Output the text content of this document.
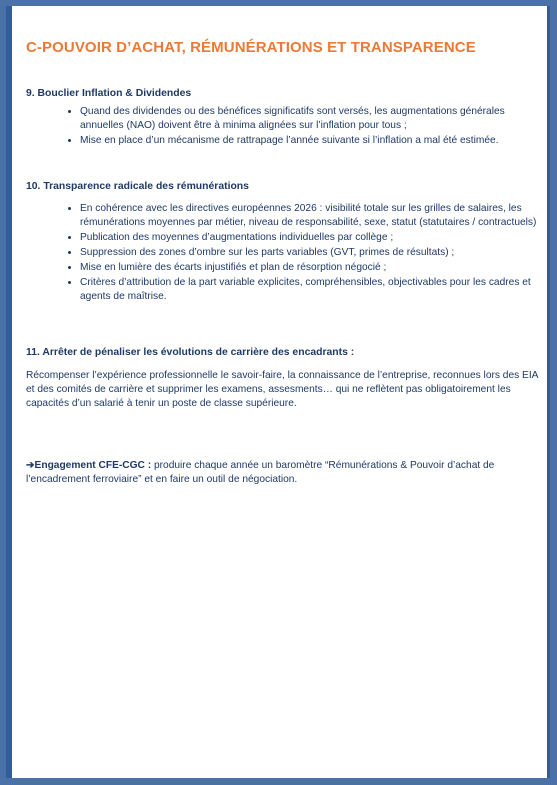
C-POUVOIR D’ACHAT, RÉMUNÉRATIONS ET TRANSPARENCE
9. Bouclier Inflation & Dividendes
• Quand des dividendes ou des bénéfices significatifs sont versés, les augmentations générales annuelles (NAO) doivent être à minima alignées sur l’inflation pour tous ;
• Mise en place d’un mécanisme de rattrapage l’année suivante si l’inflation a mal été estimée.
10. Transparence radicale des rémunérations
• En cohérence avec les directives européennes 2026 : visibilité totale sur les grilles de salaires, les rémunérations moyennes par métier, niveau de responsabilité, sexe, statut (statutaires / contractuels)
• Publication des moyennes d’augmentations individuelles par collège ;
• Suppression des zones d’ombre sur les parts variables (GVT, primes de résultats) ;
• Mise en lumière des écarts injustifiés et plan de résorption négocié ;
• Critères d’attribution de la part variable explicites, compréhensibles, objectivables pour les cadres et agents de maîtrise.
11. Arrêter de pénaliser les évolutions de carrière des encadrants :

Récompenser l’expérience professionnelle le savoir-faire, la connaissance de l’entreprise, reconnues lors des EIA et des comités de carrière et supprimer les examens, assesments… qui ne reflètent pas obligatoirement les capacités d’un salarié à tenir un poste de classe supérieure.

➔Engagement CFE-CGC : produire chaque année un baromètre “Rémunérations & Pouvoir d’achat de l’encadrement ferroviaire” et en faire un outil de négociation.
